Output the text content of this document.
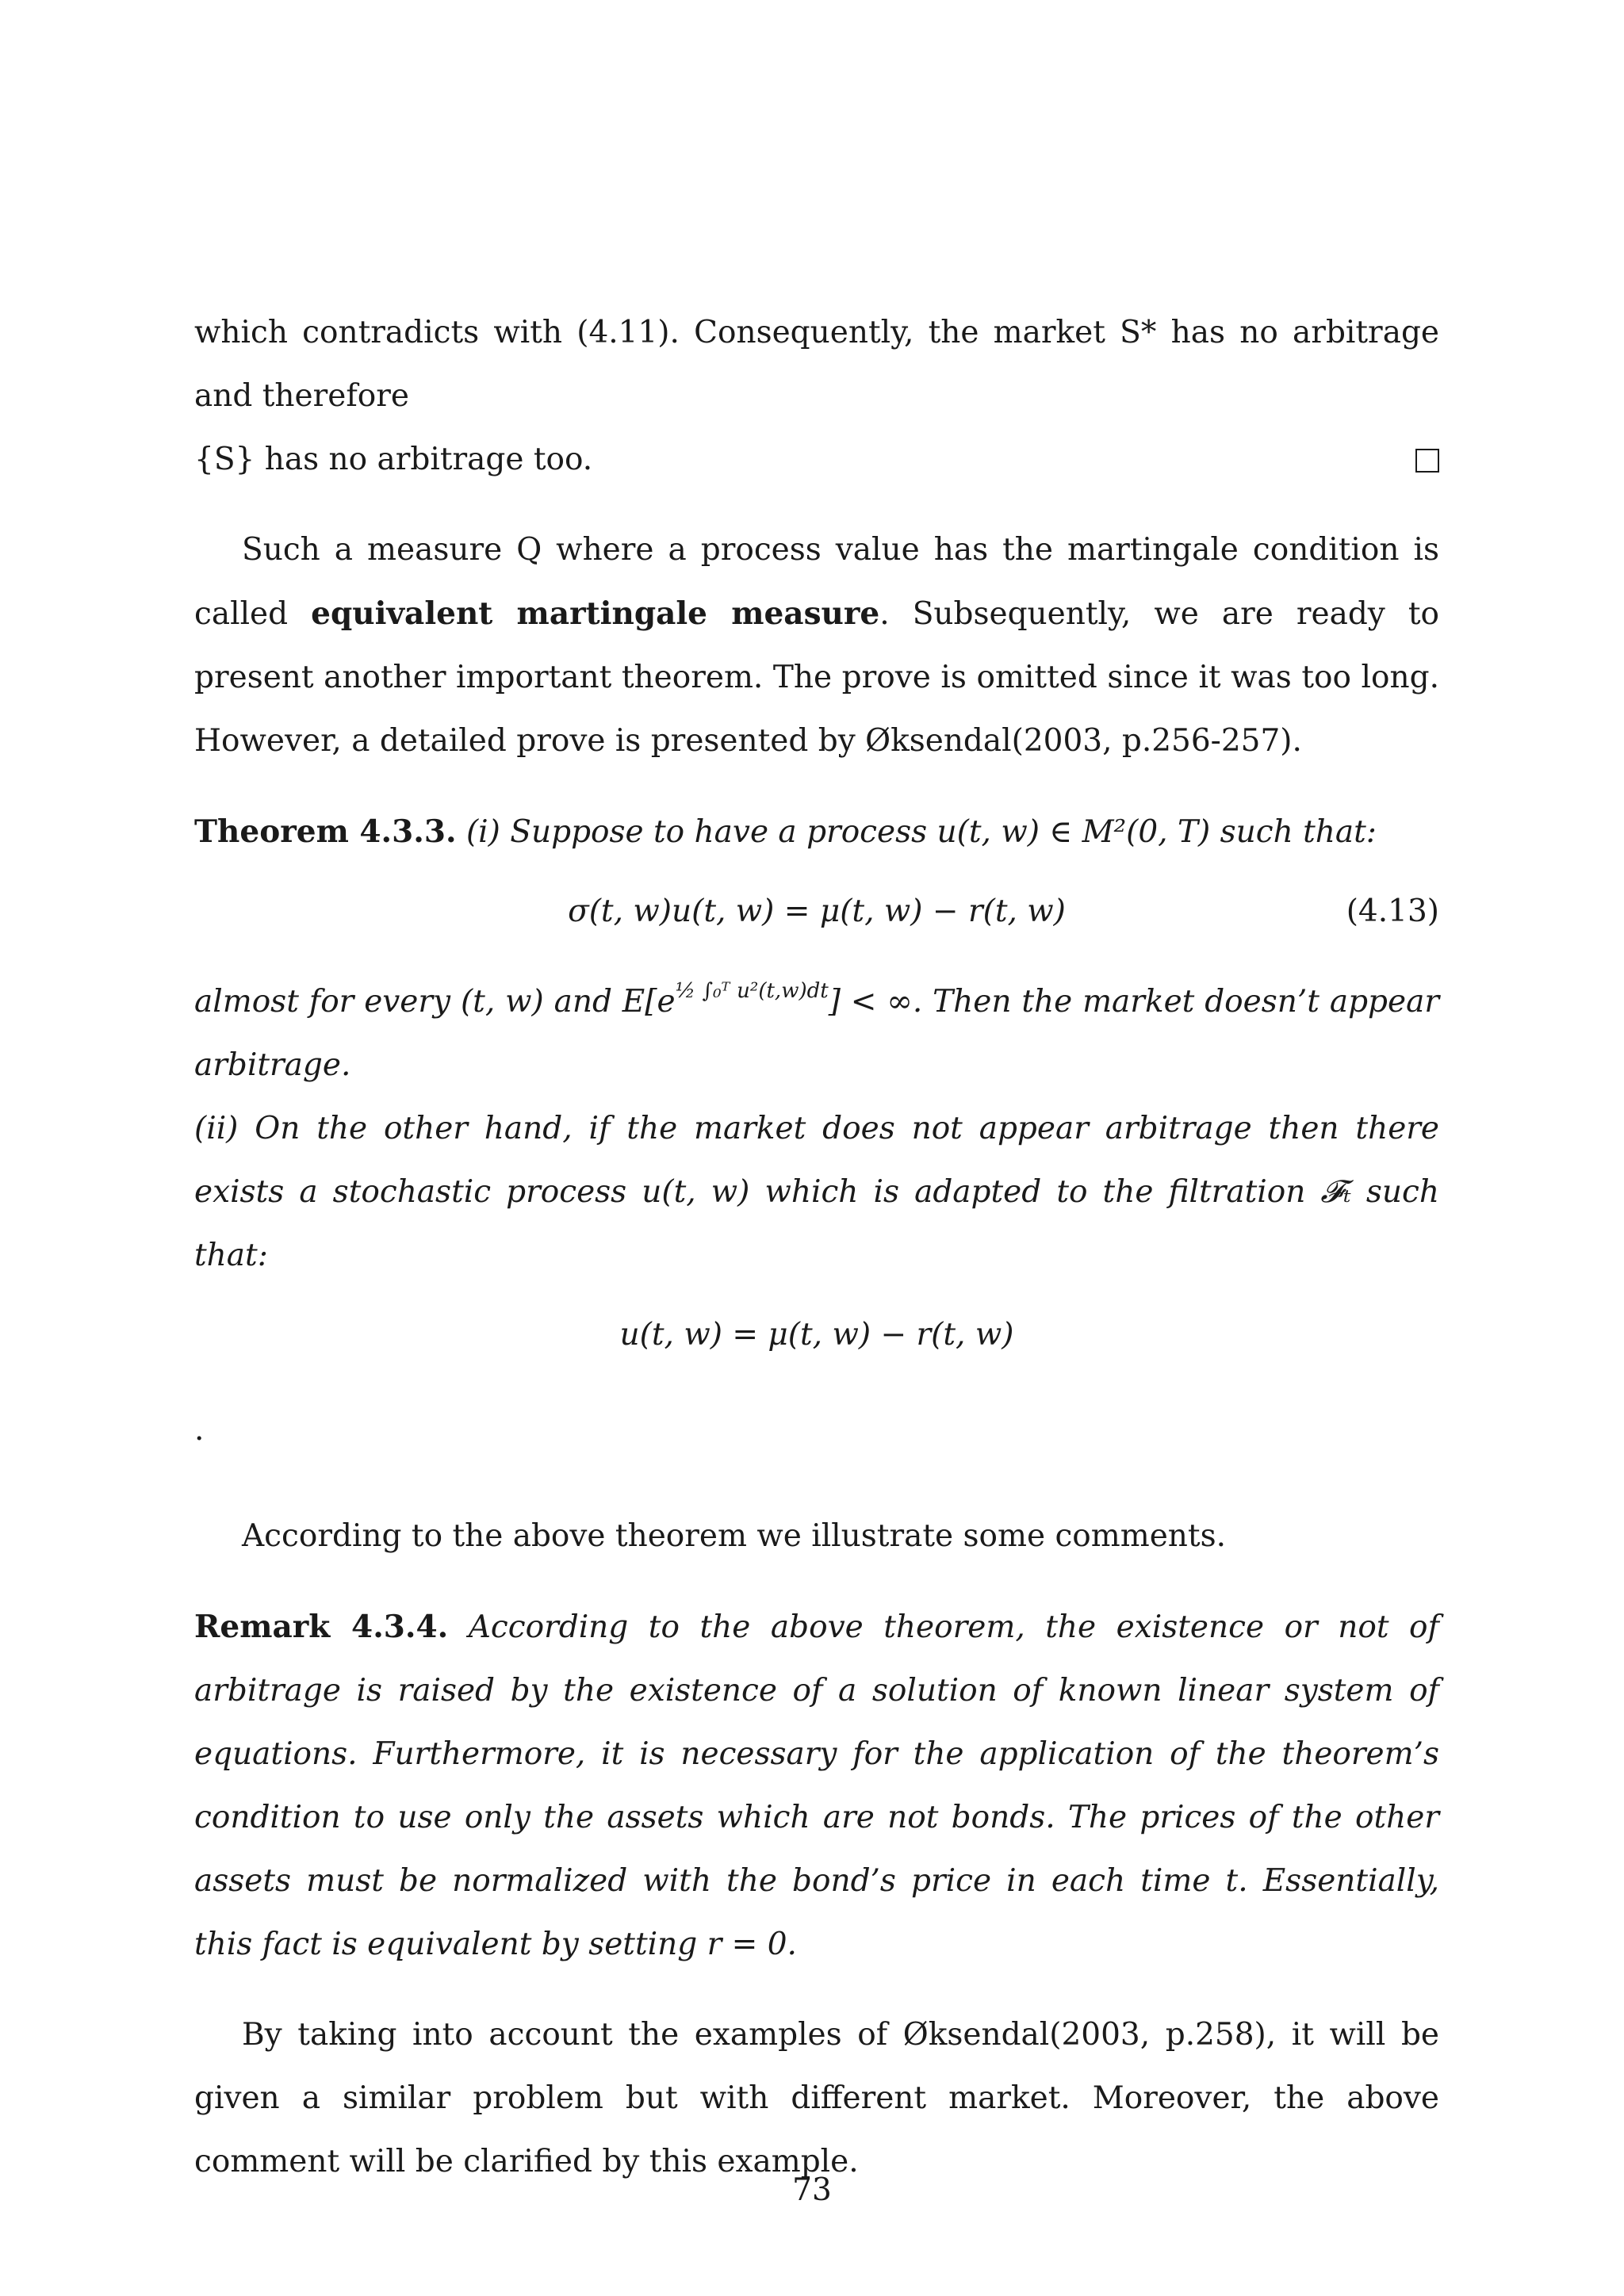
which contradicts with (4.11). Consequently, the market S* has no arbitrage and therefore
{S} has no arbitrage too.

Such a measure Q where a process value has the martingale condition is called equivalent martingale measure. Subsequently, we are ready to present another important theorem. The prove is omitted since it was too long. However, a detailed prove is presented by Øksendal(2003, p.256-257).

Theorem 4.3.3. (i) Suppose to have a process u(t, w) ∈ M²(0, T) such that:

σ(t, w)u(t, w) = μ(t, w) − r(t, w)	(4.13)

almost for every (t, w) and $E[e^{\frac{1}{2} \int_0ᵀ u^2(t,w)dt}]$ < ∞. Then the market doesn’t appear arbitrage.

(ii) On the other hand, if the market does not appear arbitrage then there exists a stochastic process u(t, w) which is adapted to the filtration 𝓕ₜ such that:

u(t, w) = μ(t, w) − r(t, w)
.

According to the above theorem we illustrate some comments.

Remark 4.3.4. According to the above theorem, the existence or not of arbitrage is raised by the existence of a solution of known linear system of equations. Furthermore, it is necessary for the application of the theorem’s condition to use only the assets which are not bonds. The prices of the other assets must be normalized with the bond’s price in each time t. Essentially, this fact is equivalent by setting r = 0.

By taking into account the examples of Øksendal(2003, p.258), it will be given a similar problem but with different market. Moreover, the above comment will be clarified by this example.

73
